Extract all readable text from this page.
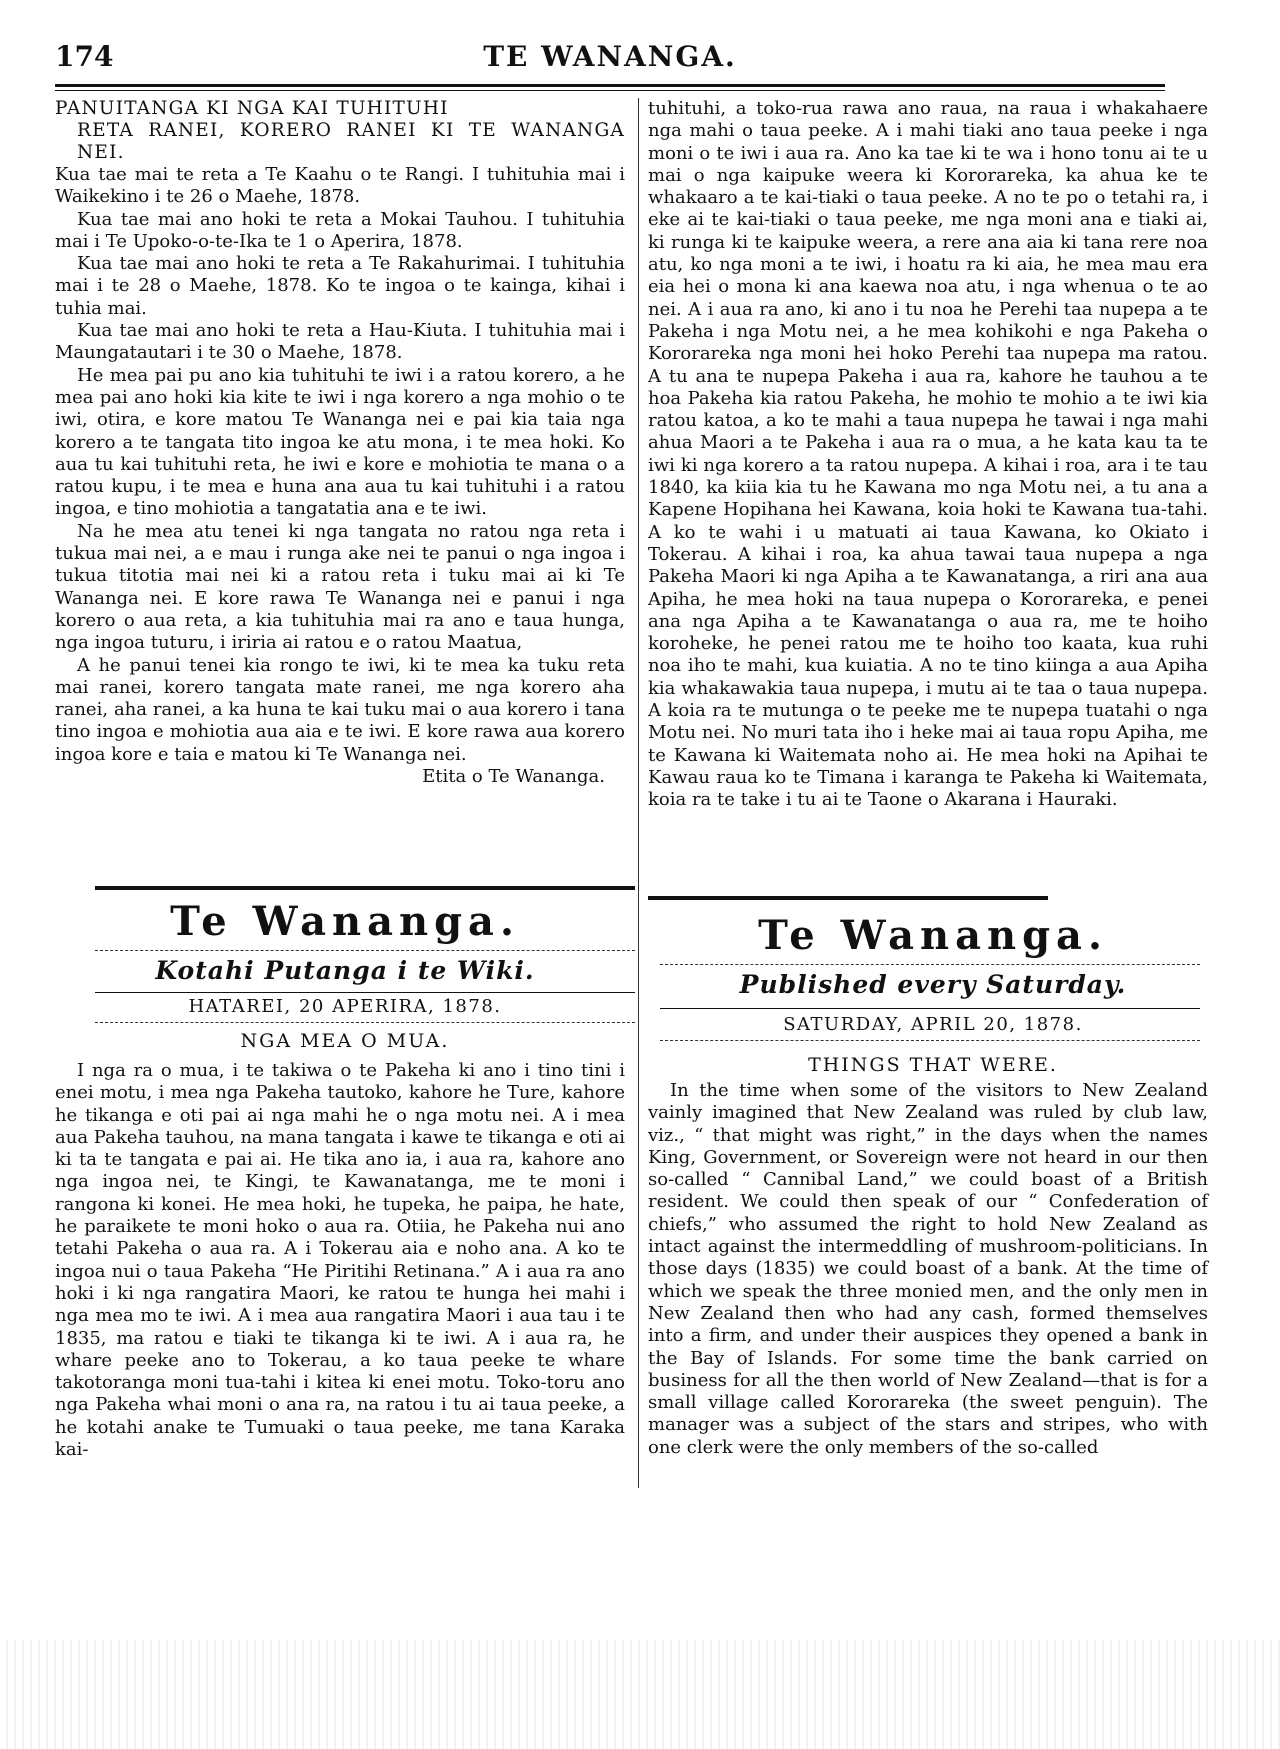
174	TE WANANGA.
PANUITANGA KI NGA KAI TUHITUHI
RETA RANEI, KORERO RANEI KI TE WANANGA NEI.

Kua tae mai te reta a Te Kaahu o te Rangi. I tuhituhia mai i Waikekino i te 26 o Maehe, 1878.

Kua tae mai ano hoki te reta a Mokai Tauhou. I tuhituhia mai i Te Upoko-o-te-Ika te 1 o Aperira, 1878.

Kua tae mai ano hoki te reta a Te Rakahurimai. I tuhituhia mai i te 28 o Maehe, 1878. Ko te ingoa o te kainga, kihai i tuhia mai.

Kua tae mai ano hoki te reta a Hau-Kiuta. I tuhituhia mai i Maungatautari i te 30 o Maehe, 1878.

He mea pai pu ano kia tuhituhi te iwi i a ratou korero, a he mea pai ano hoki kia kite te iwi i nga korero a nga mohio o te iwi, otira, e kore matou Te Wananga nei e pai kia taia nga korero a te tangata tito ingoa ke atu mona, i te mea hoki. Ko aua tu kai tuhituhi reta, he iwi e kore e mohiotia te mana o a ratou kupu, i te mea e huna ana aua tu kai tuhituhi i a ratou ingoa, e tino mohiotia a tangatatia ana e te iwi.

Na he mea atu tenei ki nga tangata no ratou nga reta i tukua mai nei, a e mau i runga ake nei te panui o nga ingoa i tukua titotia mai nei ki a ratou reta i tuku mai ai ki Te Wananga nei. E kore rawa Te Wananga nei e panui i nga korero o aua reta, a kia tuhituhia mai ra ano e taua hunga, nga ingoa tuturu, i iriria ai ratou e o ratou Maatua,

A he panui tenei kia rongo te iwi, ki te mea ka tuku reta mai ranei, korero tangata mate ranei, me nga korero aha ranei, aha ranei, a ka huna te kai tuku mai o aua korero i tana tino ingoa e mohiotia aua aia e te iwi. E kore rawa aua korero ingoa kore e taia e matou ki Te Wananga nei.

Etita o Te Wananga.

Te Wananga.
Kotahi Putanga i te Wiki.
HATAREI, 20 APERIRA, 1878.
NGA MEA O MUA.

I nga ra o mua, i te takiwa o te Pakeha ki ano i tino tini i enei motu, i mea nga Pakeha tautoko, kahore he Ture, kahore he tikanga e oti pai ai nga mahi he o nga motu nei. A i mea aua Pakeha tauhou, na mana tangata i kawe te tikanga e oti ai ki ta te tangata e pai ai. He tika ano ia, i aua ra, kahore ano nga ingoa nei, te Kingi, te Kawanatanga, me te moni i rangona ki konei. He mea hoki, he tupeka, he paipa, he hate, he paraikete te moni hoko o aua ra. Otiia, he Pakeha nui ano tetahi Pakeha o aua ra. A i Tokerau aia e noho ana. A ko te ingoa nui o taua Pakeha “He Piritihi Retinana.” A i aua ra ano hoki i ki nga rangatira Maori, ke ratou te hunga hei mahi i nga mea mo te iwi. A i mea aua rangatira Maori i aua tau i te 1835, ma ratou e tiaki te tikanga ki te iwi. A i aua ra, he whare peeke ano to Tokerau, a ko taua peeke te whare takotoranga moni tua-tahi i kitea ki enei motu. Toko-toru ano nga Pakeha whai moni o ana ra, na ratou i tu ai taua peeke, a he kotahi anake te Tumuaki o taua peeke, me tana Karaka kai-

tuhituhi, a toko-rua rawa ano raua, na raua i whakahaere nga mahi o taua peeke. A i mahi tiaki ano taua peeke i nga moni o te iwi i aua ra. Ano ka tae ki te wa i hono tonu ai te u mai o nga kaipuke weera ki Kororareka, ka ahua ke te whakaaro a te kai-tiaki o taua peeke. A no te po o tetahi ra, i eke ai te kai-tiaki o taua peeke, me nga moni ana e tiaki ai, ki runga ki te kaipuke weera, a rere ana aia ki tana rere noa atu, ko nga moni a te iwi, i hoatu ra ki aia, he mea mau era eia hei o mona ki ana kaewa noa atu, i nga whenua o te ao nei. A i aua ra ano, ki ano i tu noa he Perehi taa nupepa a te Pakeha i nga Motu nei, a he mea kohikohi e nga Pakeha o Kororareka nga moni hei hoko Perehi taa nupepa ma ratou. A tu ana te nupepa Pakeha i aua ra, kahore he tauhou a te hoa Pakeha kia ratou Pakeha, he mohio te mohio a te iwi kia ratou katoa, a ko te mahi a taua nupepa he tawai i nga mahi ahua Maori a te Pakeha i aua ra o mua, a he kata kau ta te iwi ki nga korero a ta ratou nupepa. A kihai i roa, ara i te tau 1840, ka kiia kia tu he Kawana mo nga Motu nei, a tu ana a Kapene Hopihana hei Kawana, koia hoki te Kawana tua-tahi. A ko te wahi i u matuati ai taua Kawana, ko Okiato i Tokerau. A kihai i roa, ka ahua tawai taua nupepa a nga Pakeha Maori ki nga Apiha a te Kawanatanga, a riri ana aua Apiha, he mea hoki na taua nupepa o Kororareka, e penei ana nga Apiha a te Kawanatanga o aua ra, me te hoiho koroheke, he penei ratou me te hoiho too kaata, kua ruhi noa iho te mahi, kua kuiatia. A no te tino kiinga a aua Apiha kia whakawakia taua nupepa, i mutu ai te taa o taua nupepa. A koia ra te mutunga o te peeke me te nupepa tuatahi o nga Motu nei. No muri tata iho i heke mai ai taua ropu Apiha, me te Kawana ki Waitemata noho ai. He mea hoki na Apihai te Kawau raua ko te Timana i karanga te Pakeha ki Waitemata, koia ra te take i tu ai te Taone o Akarana i Hauraki.

Te Wananga.
Published every Saturday.
SATURDAY, APRIL 20, 1878.
THINGS THAT WERE.

In the time when some of the visitors to New Zealand vainly imagined that New Zealand was ruled by club law, viz., “ that might was right,” in the days when the names King, Government, or Sovereign were not heard in our then so-called “ Cannibal Land,” we could boast of a British resident. We could then speak of our “ Confederation of chiefs,” who assumed the right to hold New Zealand as intact against the intermeddling of mushroom-politicians. In those days (1835) we could boast of a bank. At the time of which we speak the three monied men, and the only men in New Zealand then who had any cash, formed themselves into a firm, and under their auspices they opened a bank in the Bay of Islands. For some time the bank carried on business for all the then world of New Zealand—that is for a small village called Kororareka (the sweet penguin). The manager was a subject of the stars and stripes, who with one clerk were the only members of the so-called
